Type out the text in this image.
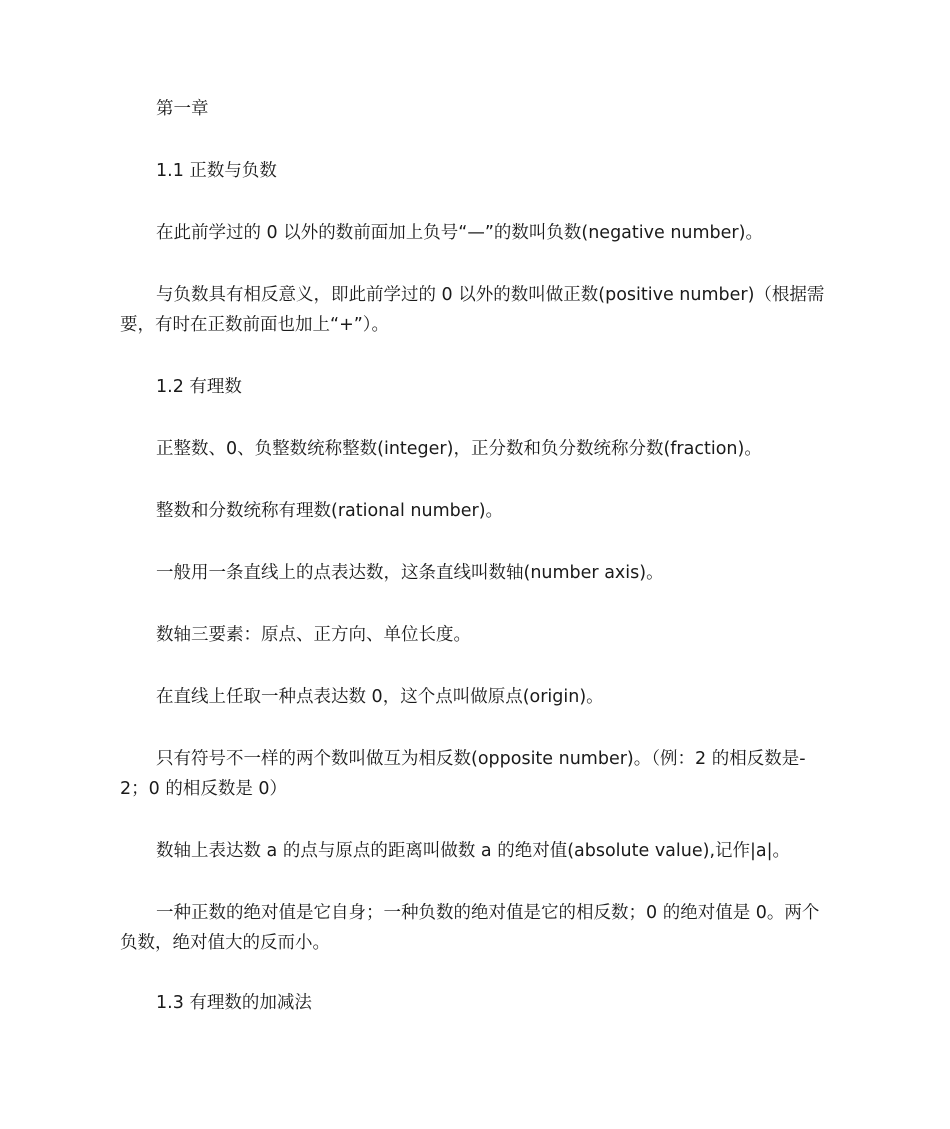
第一章

1.1 正数与负数

在此前学过的 0 以外的数前面加上负号“—”的数叫负数(negative number)。

与负数具有相反意义，即此前学过的 0 以外的数叫做正数(positive number)（根据需要，有时在正数前面也加上“+”）。

1.2 有理数

正整数、0、负整数统称整数(integer)，正分数和负分数统称分数(fraction)。

整数和分数统称有理数(rational number)。

一般用一条直线上的点表达数，这条直线叫数轴(number axis)。

数轴三要素：原点、正方向、单位长度。

在直线上任取一种点表达数 0，这个点叫做原点(origin)。

只有符号不一样的两个数叫做互为相反数(opposite number)。（例：2 的相反数是-2；0 的相反数是 0）

数轴上表达数 a 的点与原点的距离叫做数 a 的绝对值(absolute value),记作|a|。

一种正数的绝对值是它自身；一种负数的绝对值是它的相反数；0 的绝对值是 0。两个负数，绝对值大的反而小。

1.3 有理数的加减法
